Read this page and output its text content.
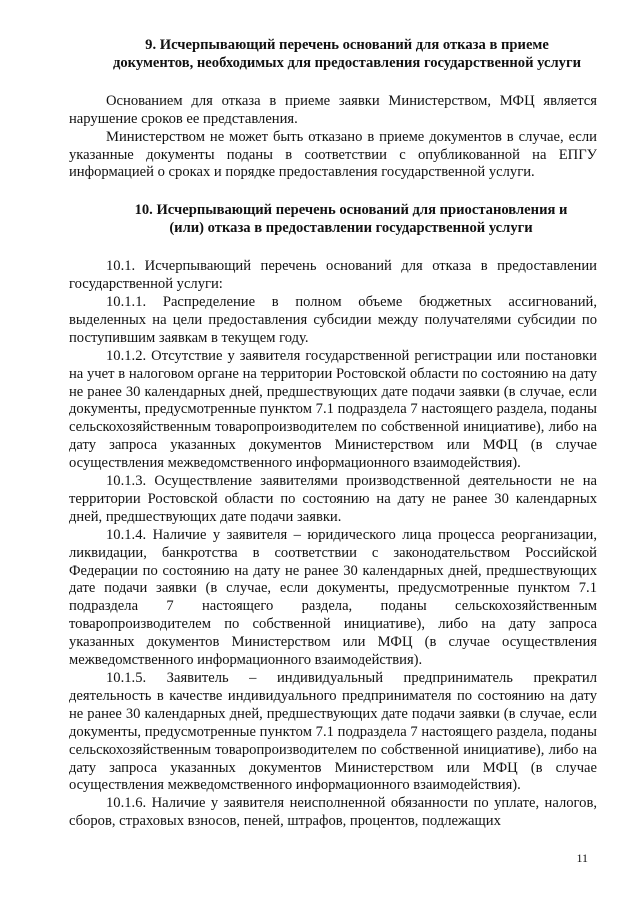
9. Исчерпывающий перечень оснований для отказа в приеме
документов, необходимых для предоставления государственной услуги

Основанием для отказа в приеме заявки Министерством, МФЦ является нарушение сроков ее представления.

Министерством не может быть отказано в приеме документов в случае, если указанные документы поданы в соответствии с опубликованной на ЕПГУ информацией о сроках и порядке предоставления государственной услуги.

10. Исчерпывающий перечень оснований для приостановления и
(или) отказа в предоставлении государственной услуги

10.1. Исчерпывающий перечень оснований для отказа в предоставлении государственной услуги:

10.1.1. Распределение в полном объеме бюджетных ассигнований, выделенных на цели предоставления субсидии между получателями субсидии по поступившим заявкам в текущем году.

10.1.2. Отсутствие у заявителя государственной регистрации или постановки на учет в налоговом органе на территории Ростовской области по состоянию на дату не ранее 30 календарных дней, предшествующих дате подачи заявки (в случае, если документы, предусмотренные пунктом 7.1 подраздела 7 настоящего раздела, поданы сельскохозяйственным товаропроизводителем по собственной инициативе), либо на дату запроса указанных документов Министерством или МФЦ (в случае осуществления межведомственного информационного взаимодействия).

10.1.3. Осуществление заявителями производственной деятельности не на территории Ростовской области по состоянию на дату не ранее 30 календарных дней, предшествующих дате подачи заявки.

10.1.4. Наличие у заявителя – юридического лица процесса реорганизации, ликвидации, банкротства в соответствии с законодательством Российской Федерации по состоянию на дату не ранее 30 календарных дней, предшествующих дате подачи заявки (в случае, если документы, предусмотренные пунктом 7.1 подраздела 7 настоящего раздела, поданы сельскохозяйственным товаропроизводителем по собственной инициативе), либо на дату запроса указанных документов Министерством или МФЦ (в случае осуществления межведомственного информационного взаимодействия).

10.1.5. Заявитель – индивидуальный предприниматель прекратил деятельность в качестве индивидуального предпринимателя по состоянию на дату не ранее 30 календарных дней, предшествующих дате подачи заявки (в случае, если документы, предусмотренные пунктом 7.1 подраздела 7 настоящего раздела, поданы сельскохозяйственным товаропроизводителем по собственной инициативе), либо на дату запроса указанных документов Министерством или МФЦ (в случае осуществления межведомственного информационного взаимодействия).

10.1.6. Наличие у заявителя неисполненной обязанности по уплате, налогов, сборов, страховых взносов, пеней, штрафов, процентов, подлежащих

11
